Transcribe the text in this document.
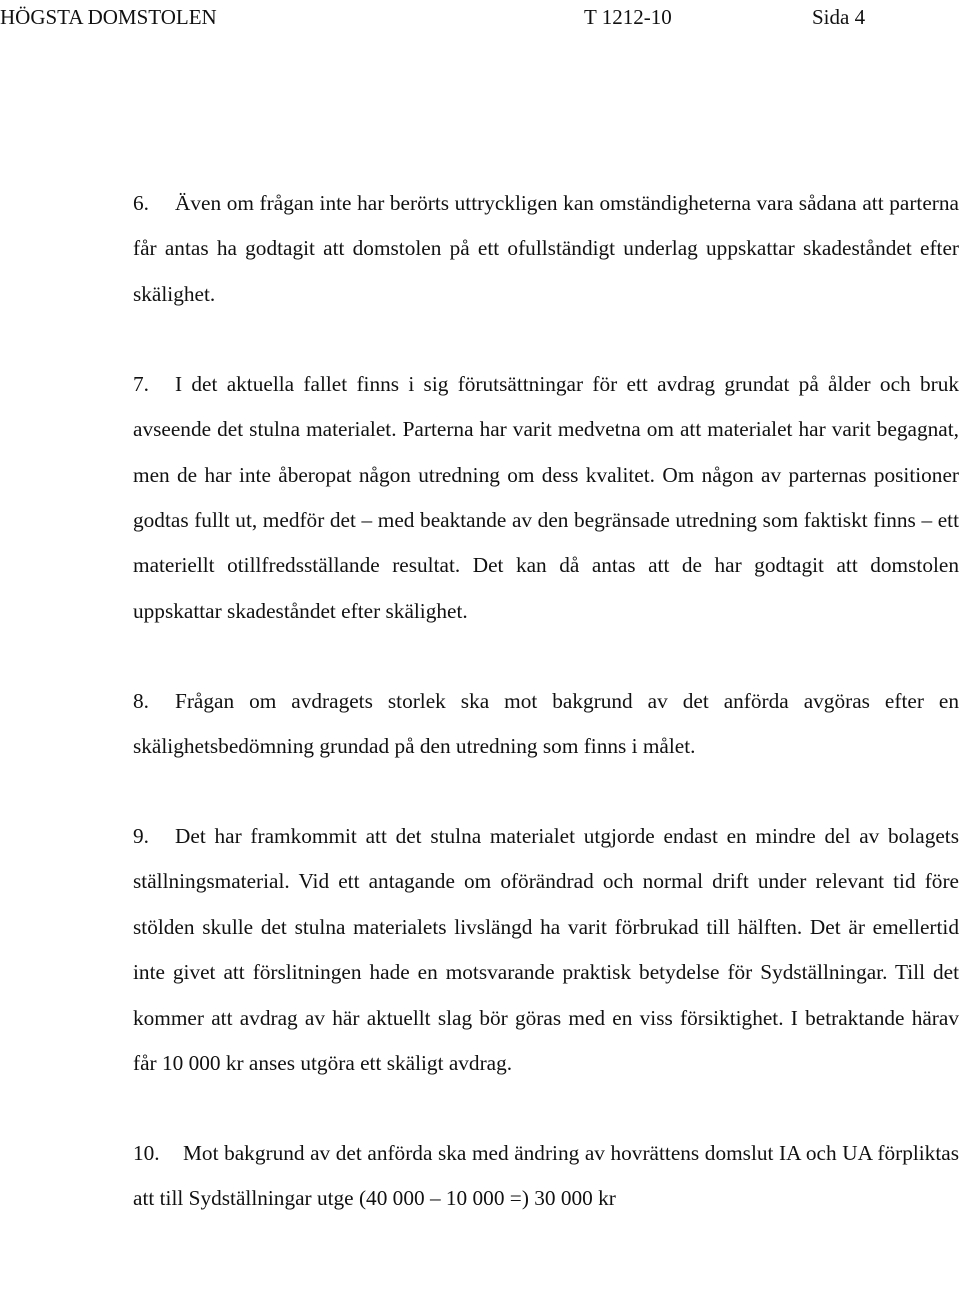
HÖGSTA DOMSTOLEN	T 1212-10	Sida 4

6. Även om frågan inte har berörts uttryckligen kan omständigheterna vara sådana att parterna får antas ha godtagit att domstolen på ett ofullständigt underlag uppskattar skadeståndet efter skälighet.

7. I det aktuella fallet finns i sig förutsättningar för ett avdrag grundat på ålder och bruk avseende det stulna materialet. Parterna har varit medvetna om att materialet har varit begagnat, men de har inte åberopat någon utredning om dess kvalitet. Om någon av parternas positioner godtas fullt ut, medför det – med beaktande av den begränsade utredning som faktiskt finns – ett materiellt otillfredsställande resultat. Det kan då antas att de har godtagit att domstolen uppskattar skadeståndet efter skälighet.

8. Frågan om avdragets storlek ska mot bakgrund av det anförda avgöras efter en skälighetsbedömning grundad på den utredning som finns i målet.

9. Det har framkommit att det stulna materialet utgjorde endast en mindre del av bolagets ställningsmaterial. Vid ett antagande om oförändrad och normal drift under relevant tid före stölden skulle det stulna materialets livslängd ha varit förbrukad till hälften. Det är emellertid inte givet att förslitningen hade en motsvarande praktisk betydelse för Sydställningar. Till det kommer att avdrag av här aktuellt slag bör göras med en viss försiktighet. I betraktande härav får 10 000 kr anses utgöra ett skäligt avdrag.

10. Mot bakgrund av det anförda ska med ändring av hovrättens domslut IA och UA förpliktas att till Sydställningar utge (40 000 – 10 000 =) 30 000 kr
